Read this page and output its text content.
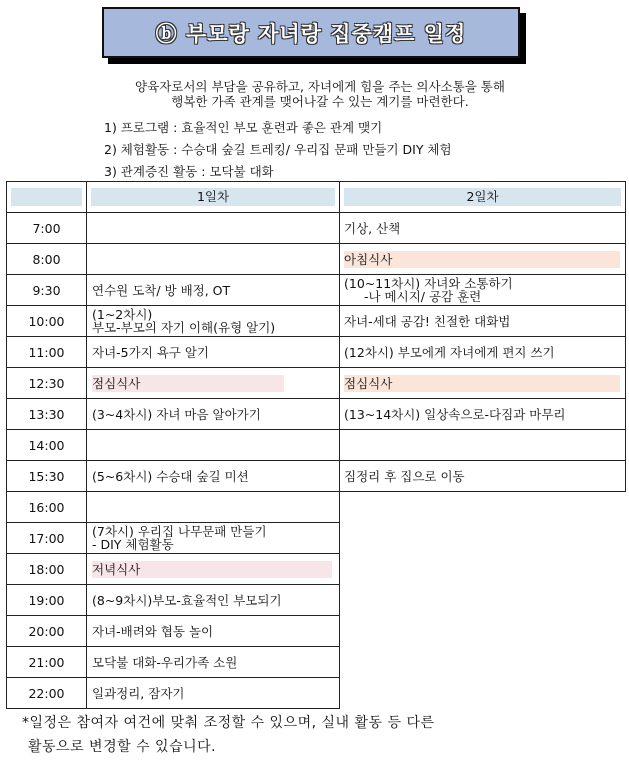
ⓑ 부모랑 자녀랑 집중캠프 일정
양육자로서의 부담을 공유하고, 자녀에게 힘을 주는 의사소통을 통해
행복한 가족 관계를 맺어나갈 수 있는 계기를 마련한다.
1) 프로그램 : 효율적인 부모 훈련과 좋은 관계 맺기
2) 체험활동 : 수승대 숲길 트레킹/ 우리집 문패 만들기 DIY 체험
3) 관계증진 활동 : 모닥불 대화

	1일차	2일차

7:00		기상, 산책
8:00		아침식사
9:30	연수원 도착/ 방 배정, OT	(10~11차시) 자녀와 소통하기
-나 메시지/ 공감 훈련

10:00	(1~2차시)
부모-부모의 자기 이해(유형 알기)	자녀-세대 공감! 친절한 대화법
11:00	자녀-5가지 욕구 알기	(12차시) 부모에게 자녀에게 편지 쓰기
12:30	점심식사	점심식사
13:30	(3~4차시) 자녀 마음 알아가기	(13~14차시) 일상속으로-다짐과 마무리
14:00		
15:30	(5~6차시) 수승대 숲길 미션	짐정리 후 집으로 이동
16:00		
17:00	(7차시) 우리집 나무문패 만들기
- DIY 체험활동	

18:00	저녁식사	
19:00	(8~9차시)부모-효율적인 부모되기	
20:00	자녀-배려와 협동 놀이	
21:00	모닥불 대화-우리가족 소원	
22:00	일과정리, 잠자기	
*일정은 참여자 여건에 맞춰 조정할 수 있으며, 실내 활동 등 다른
활동으로 변경할 수 있습니다.
